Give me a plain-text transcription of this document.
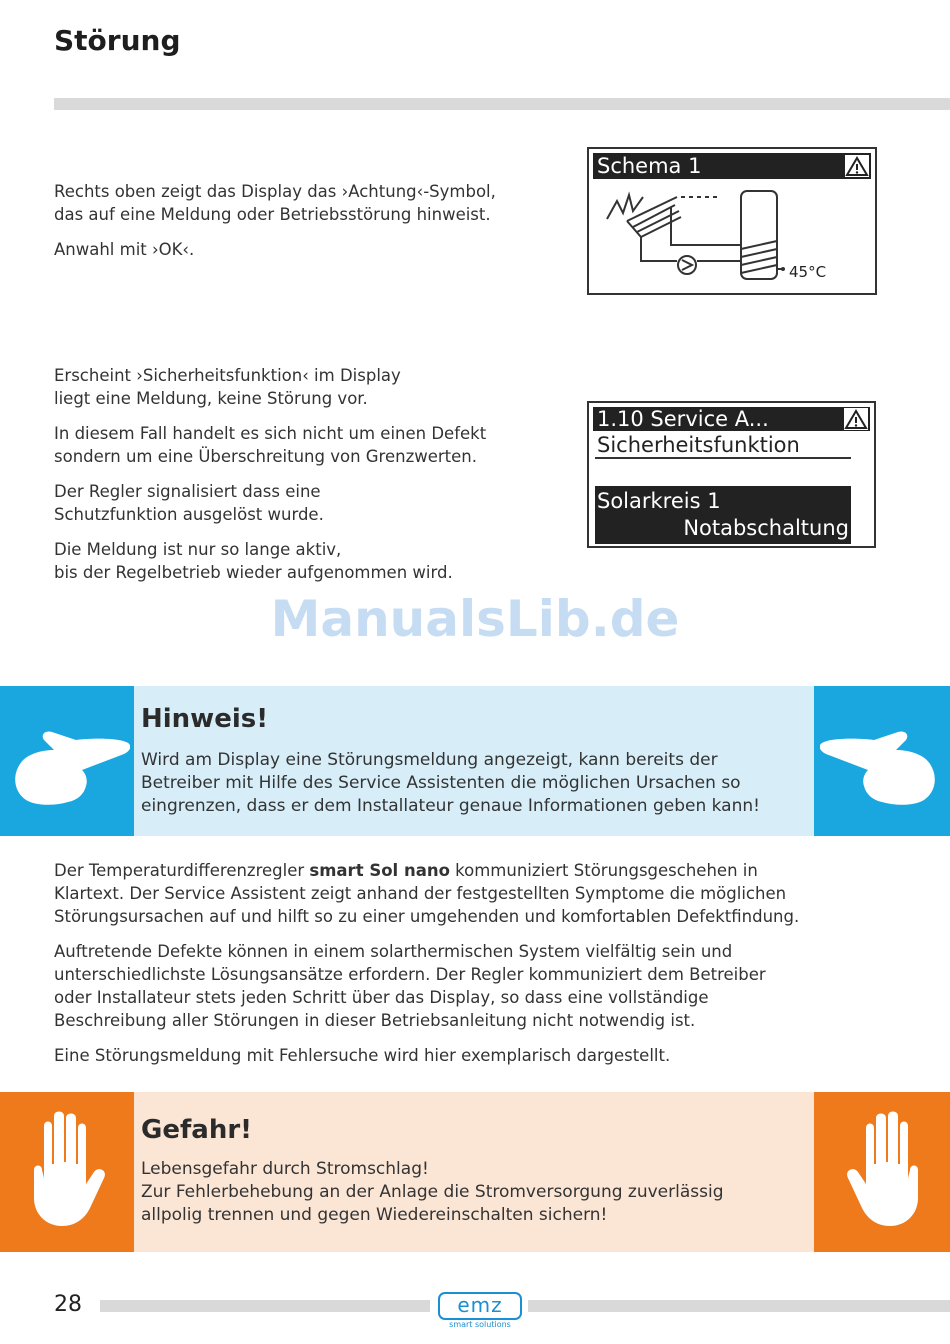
Störung

Rechts oben zeigt das Display das ›Achtung‹-Symbol,
das auf eine Meldung oder Betriebsstörung hinweist.

Anwahl mit ›OK‹.

Schema 1
45°C

Erscheint ›Sicherheitsfunktion‹ im Display
liegt eine Meldung, keine Störung vor.

In diesem Fall handelt es sich nicht um einen Defekt
sondern um eine Überschreitung von Grenzwerten.

Der Regler signalisiert dass eine
Schutzfunktion ausgelöst wurde.

Die Meldung ist nur so lange aktiv,
bis der Regelbetrieb wieder aufgenommen wird.

1.10 Service A...
Sicherheitsfunktion
Solarkreis 1
Notabschaltung
ManualsLib.de
Hinweis!
Wird am Display eine Störungsmeldung angezeigt, kann bereits der
Betreiber mit Hilfe des Service Assistenten die möglichen Ursachen so
eingrenzen, dass er dem Installateur genaue Informationen geben kann!

Der Temperaturdifferenzregler smart Sol nano kommuniziert Störungsgeschehen in
Klartext. Der Service Assistent zeigt anhand der festgestellten Symptome die möglichen
Störungsursachen auf und hilft so zu einer umgehenden und komfortablen Defektfindung.

Auftretende Defekte können in einem solarthermischen System vielfältig sein und
unterschiedlichste Lösungsansätze erfordern. Der Regler kommuniziert dem Betreiber
oder Installateur stets jeden Schritt über das Display, so dass eine vollständige
Beschreibung aller Störungen in dieser Betriebsanleitung nicht notwendig ist.

Eine Störungsmeldung mit Fehlersuche wird hier exemplarisch dargestellt.

Gefahr!
Lebensgefahr durch Stromschlag!
Zur Fehlerbehebung an der Anlage die Stromversorgung zuverlässig
allpolig trennen und gegen Wiedereinschalten sichern!
28	emz
smart solutions
